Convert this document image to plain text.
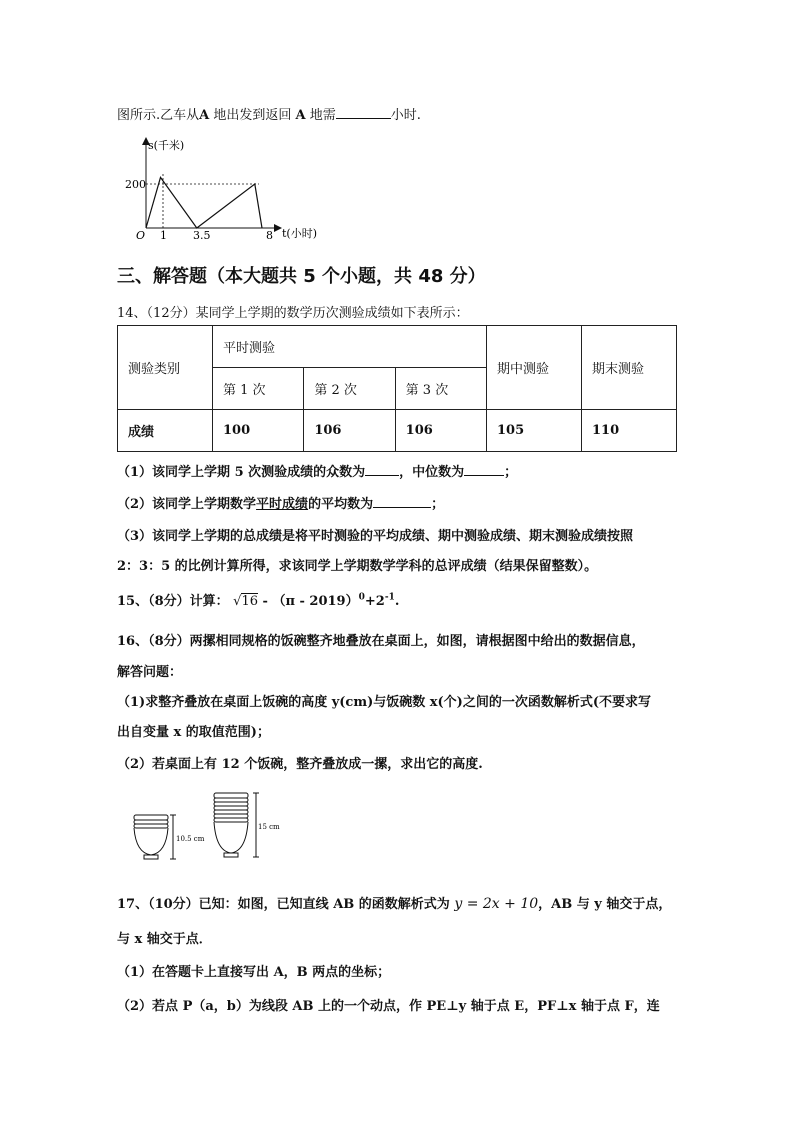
图所示.乙车从A 地出发到返回 A 地需	小时.
s(千米)
t(小时)
200
O 1 3.5	8
三、解答题（本大题共 5 个小题，共 48 分）
14、（12分）某同学上学期的数学历次测验成绩如下表所示：
测验类别	平时测验			期中测验	期末测验
	第 1 次	第 2 次	第 3 次		
成绩	100	106	106	105	110
（1）该同学上学期 5 次测验成绩的众数为	，中位数为	；
（2）该同学上学期数学平时成绩的平均数为	；
（3）该同学上学期的总成绩是将平时测验的平均成绩、期中测验成绩、期末测验成绩按照
2：3：5 的比例计算所得，求该同学上学期数学学科的总评成绩（结果保留整数）。
15、（8分）计算： $√16 - (\pi - 2019)^0+2^{-1}$.
16、（8分）两摞相同规格的饭碗整齐地叠放在桌面上，如图，请根据图中给出的数据信息，
解答问题：
（1)求整齐叠放在桌面上饭碗的高度 y(cm)与饭碗数 x(个)之间的一次函数解析式(不要求写
出自变量 x 的取值范围)；
（2）若桌面上有 12 个饭碗，整齐叠放成一摞，求出它的高度.
10.5 cm
15 cm
17、（10分）已知：如图，已知直线 AB 的函数解析式为 y = 2x + 10，AB 与 y 轴交于点，
与 x 轴交于点．
（1）在答题卡上直接写出 A，B 两点的坐标；
（2）若点 P（a，b）为线段 AB 上的一个动点，作 PE⊥y 轴于点 E，PF⊥x 轴于点 F，连
